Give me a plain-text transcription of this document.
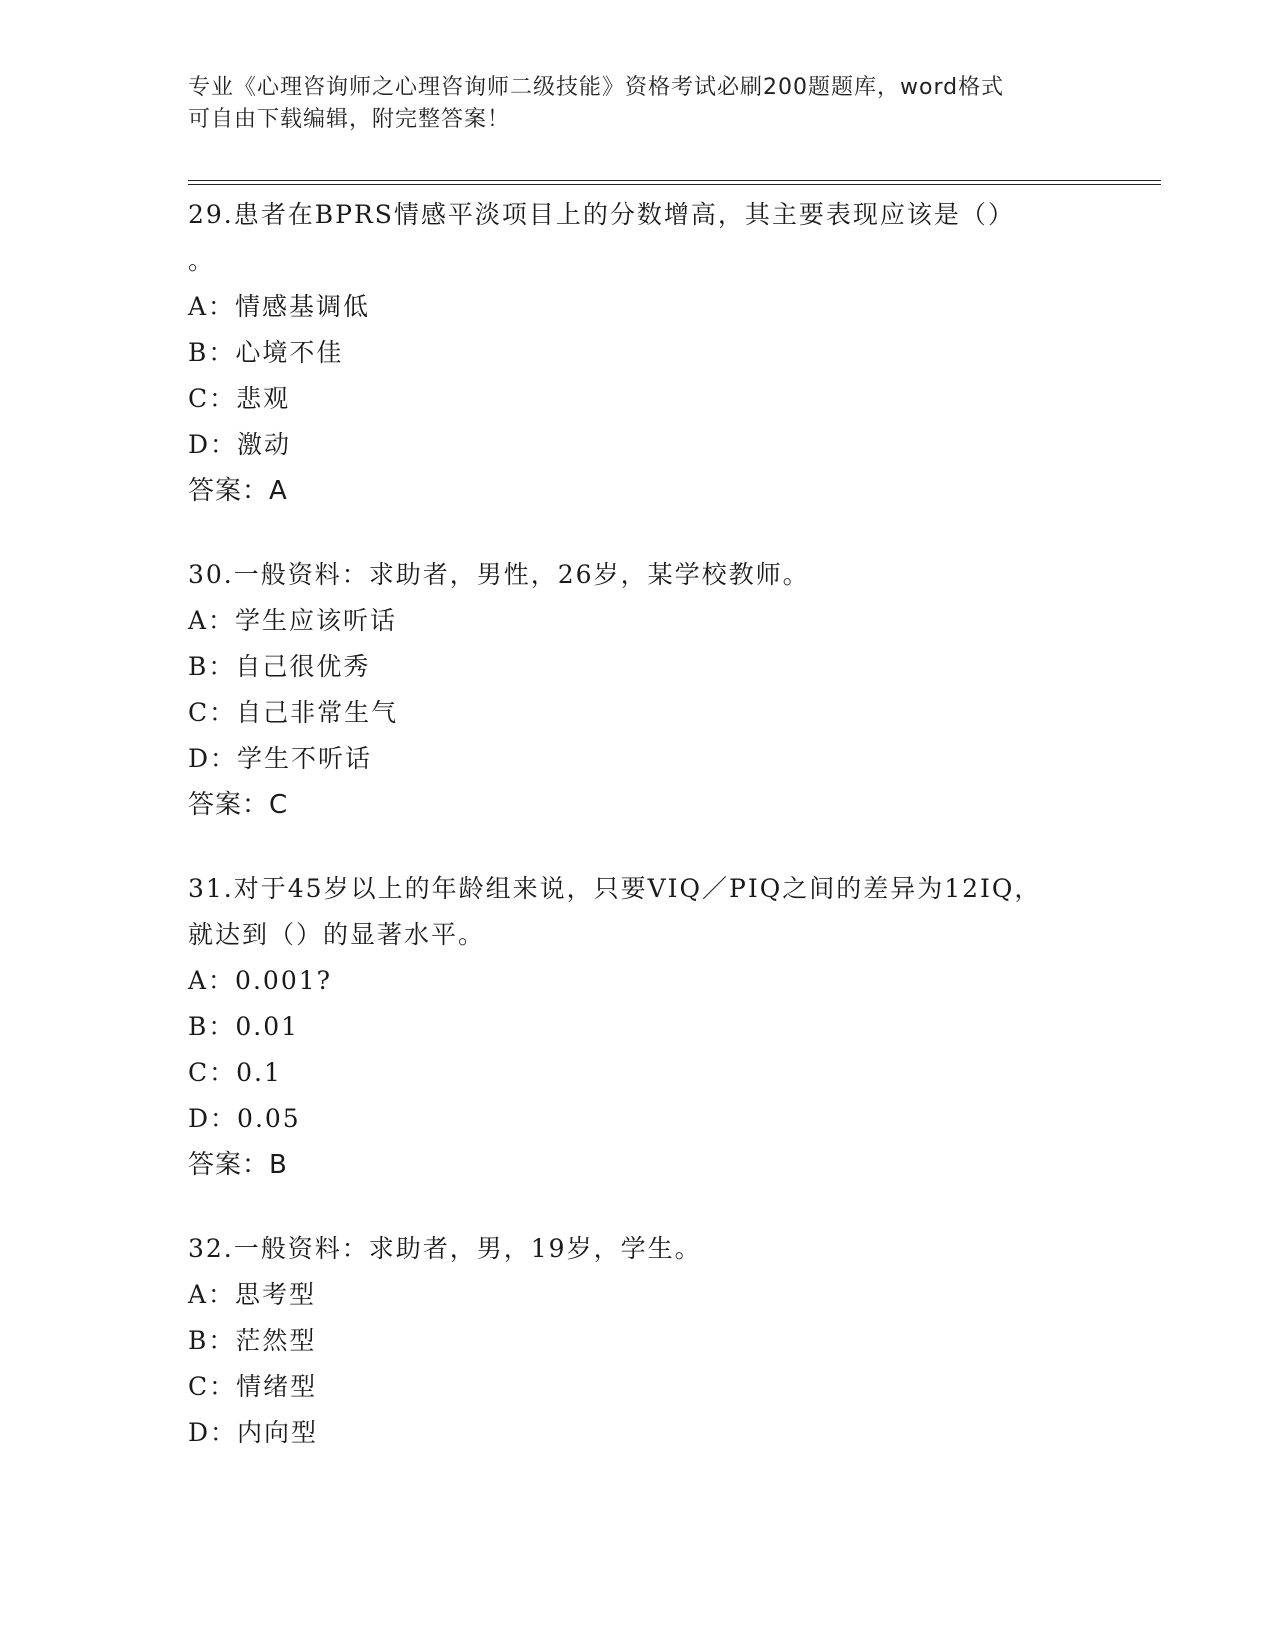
专业《心理咨询师之心理咨询师二级技能》资格考试必刷200题题库，word格式
可自由下载编辑，附完整答案！
29.患者在BPRS情感平淡项目上的分数增高，其主要表现应该是（）
。
A：情感基调低
B：心境不佳
C：悲观
D：激动
答案：A
30.一般资料：求助者，男性，26岁，某学校教师。
A：学生应该听话
B：自己很优秀
C：自己非常生气
D：学生不听话
答案：C
31.对于45岁以上的年龄组来说，只要VIQ／PIQ之间的差异为12IQ，
就达到（）的显著水平。
A：0.001?
B：0.01
C：0.1
D：0.05
答案：B
32.一般资料：求助者，男，19岁，学生。
A：思考型
B：茫然型
C：情绪型
D：内向型
